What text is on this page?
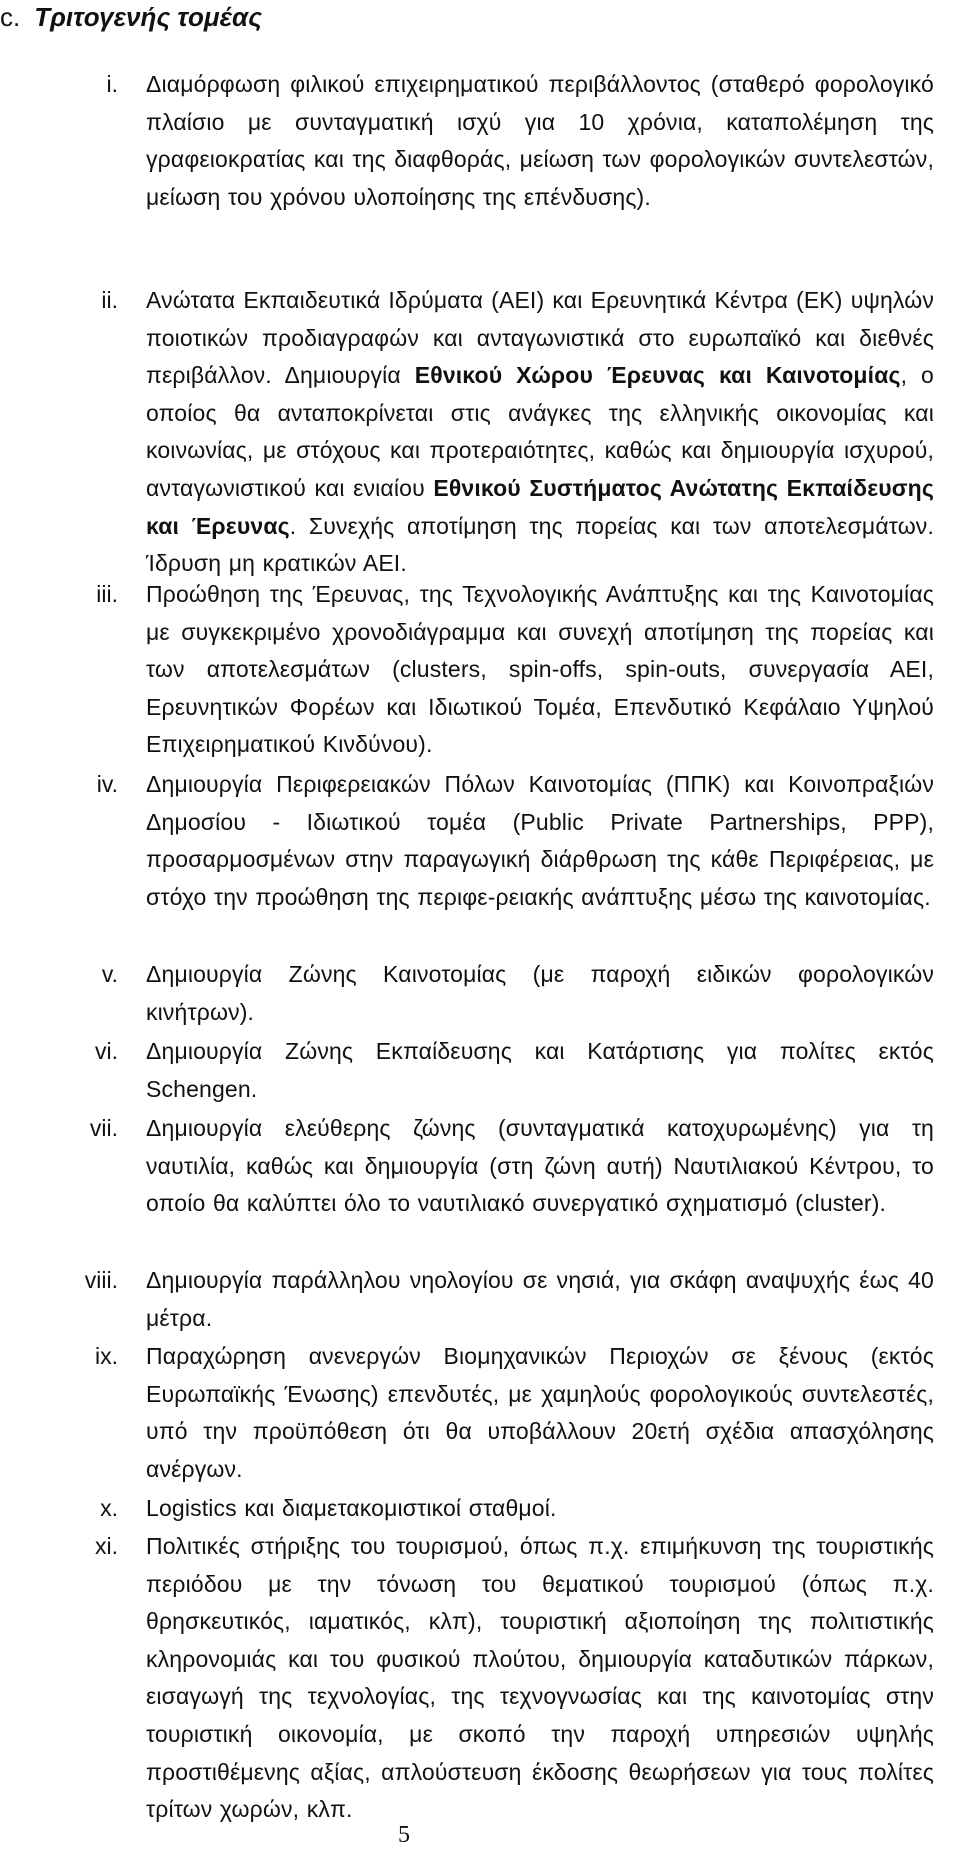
c. Τριτογενής τομέας
i.	Διαμόρφωση φιλικού επιχειρηματικού περιβάλλοντος (σταθερό φορολογικό πλαίσιο με συνταγματική ισχύ για 10 χρόνια, καταπολέμηση της γραφειοκρατίας και της διαφθοράς, μείωση των φορολογικών συντελεστών, μείωση του χρόνου υλοποίησης της επένδυσης).
ii.	Ανώτατα Εκπαιδευτικά Ιδρύματα (ΑΕΙ) και Ερευνητικά Κέντρα (ΕΚ) υψηλών ποιοτικών προδιαγραφών και ανταγωνιστικά στο ευρωπαϊκό και διεθνές περιβάλλον. Δημιουργία Εθνικού Χώρου Έρευνας και Καινοτομίας, ο οποίος θα ανταποκρίνεται στις ανάγκες της ελληνικής οικονομίας και κοινωνίας, με στόχους και προτεραιότητες, καθώς και δημιουργία ισχυρού, ανταγωνιστικού και ενιαίου Εθνικού Συστήματος Ανώτατης Εκπαίδευσης και Έρευνας. Συνεχής αποτίμηση της πορείας και των αποτελεσμάτων. Ίδρυση μη κρατικών ΑΕΙ.
iii.	Προώθηση της Έρευνας, της Τεχνολογικής Ανάπτυξης και της Καινοτομίας με συγκεκριμένο χρονοδιάγραμμα και συνεχή αποτίμηση της πορείας και των αποτελεσμάτων (clusters, spin-offs, spin-outs, συνεργασία ΑΕΙ, Ερευνητικών Φορέων και Ιδιωτικού Τομέα, Επενδυτικό Κεφάλαιο Υψηλού Επιχειρηματικού Κινδύνου).
iv.	Δημιουργία Περιφερειακών Πόλων Καινοτομίας (ΠΠΚ) και Κοινοπραξιών Δημοσίου - Ιδιωτικού τομέα (Public Private Partnerships, PPP), προσαρμοσμένων στην παραγωγική διάρθρωση της κάθε Περιφέρειας, με στόχο την προώθηση της περιφε-ρειακής ανάπτυξης μέσω της καινοτομίας.
v.	Δημιουργία Ζώνης Καινοτομίας (με παροχή ειδικών φορολογικών κινήτρων).
vi.	Δημιουργία Ζώνης Εκπαίδευσης και Κατάρτισης για πολίτες εκτός Schengen.
vii.	Δημιουργία ελεύθερης ζώνης (συνταγματικά κατοχυρωμένης) για τη ναυτιλία, καθώς και δημιουργία (στη ζώνη αυτή) Ναυτιλιακού Κέντρου, το οποίο θα καλύπτει όλο το ναυτιλιακό συνεργατικό σχηματισμό (cluster).
viii.	Δημιουργία παράλληλου νηολογίου σε νησιά, για σκάφη αναψυχής έως 40 μέτρα.
ix.	Παραχώρηση ανενεργών Βιομηχανικών Περιοχών σε ξένους (εκτός Ευρωπαϊκής Ένωσης) επενδυτές, με χαμηλούς φορολογικούς συντελεστές, υπό την προϋπόθεση ότι θα υποβάλλουν 20ετή σχέδια απασχόλησης ανέργων.
x.	Logistics και διαμετακομιστικοί σταθμοί.
xi.	Πολιτικές στήριξης του τουρισμού, όπως π.χ. επιμήκυνση της τουριστικής περιόδου με την τόνωση του θεματικού τουρισμού (όπως π.χ. θρησκευτικός, ιαματικός, κλπ), τουριστική αξιοποίηση της πολιτιστικής κληρονομιάς και του φυσικού πλούτου, δημιουργία καταδυτικών πάρκων, εισαγωγή της τεχνολογίας, της τεχνογνωσίας και της καινοτομίας στην τουριστική οικονομία, με σκοπό την παροχή υπηρεσιών υψηλής προστιθέμενης αξίας, απλούστευση έκδοσης θεωρήσεων για τους πολίτες τρίτων χωρών, κλπ.
5
